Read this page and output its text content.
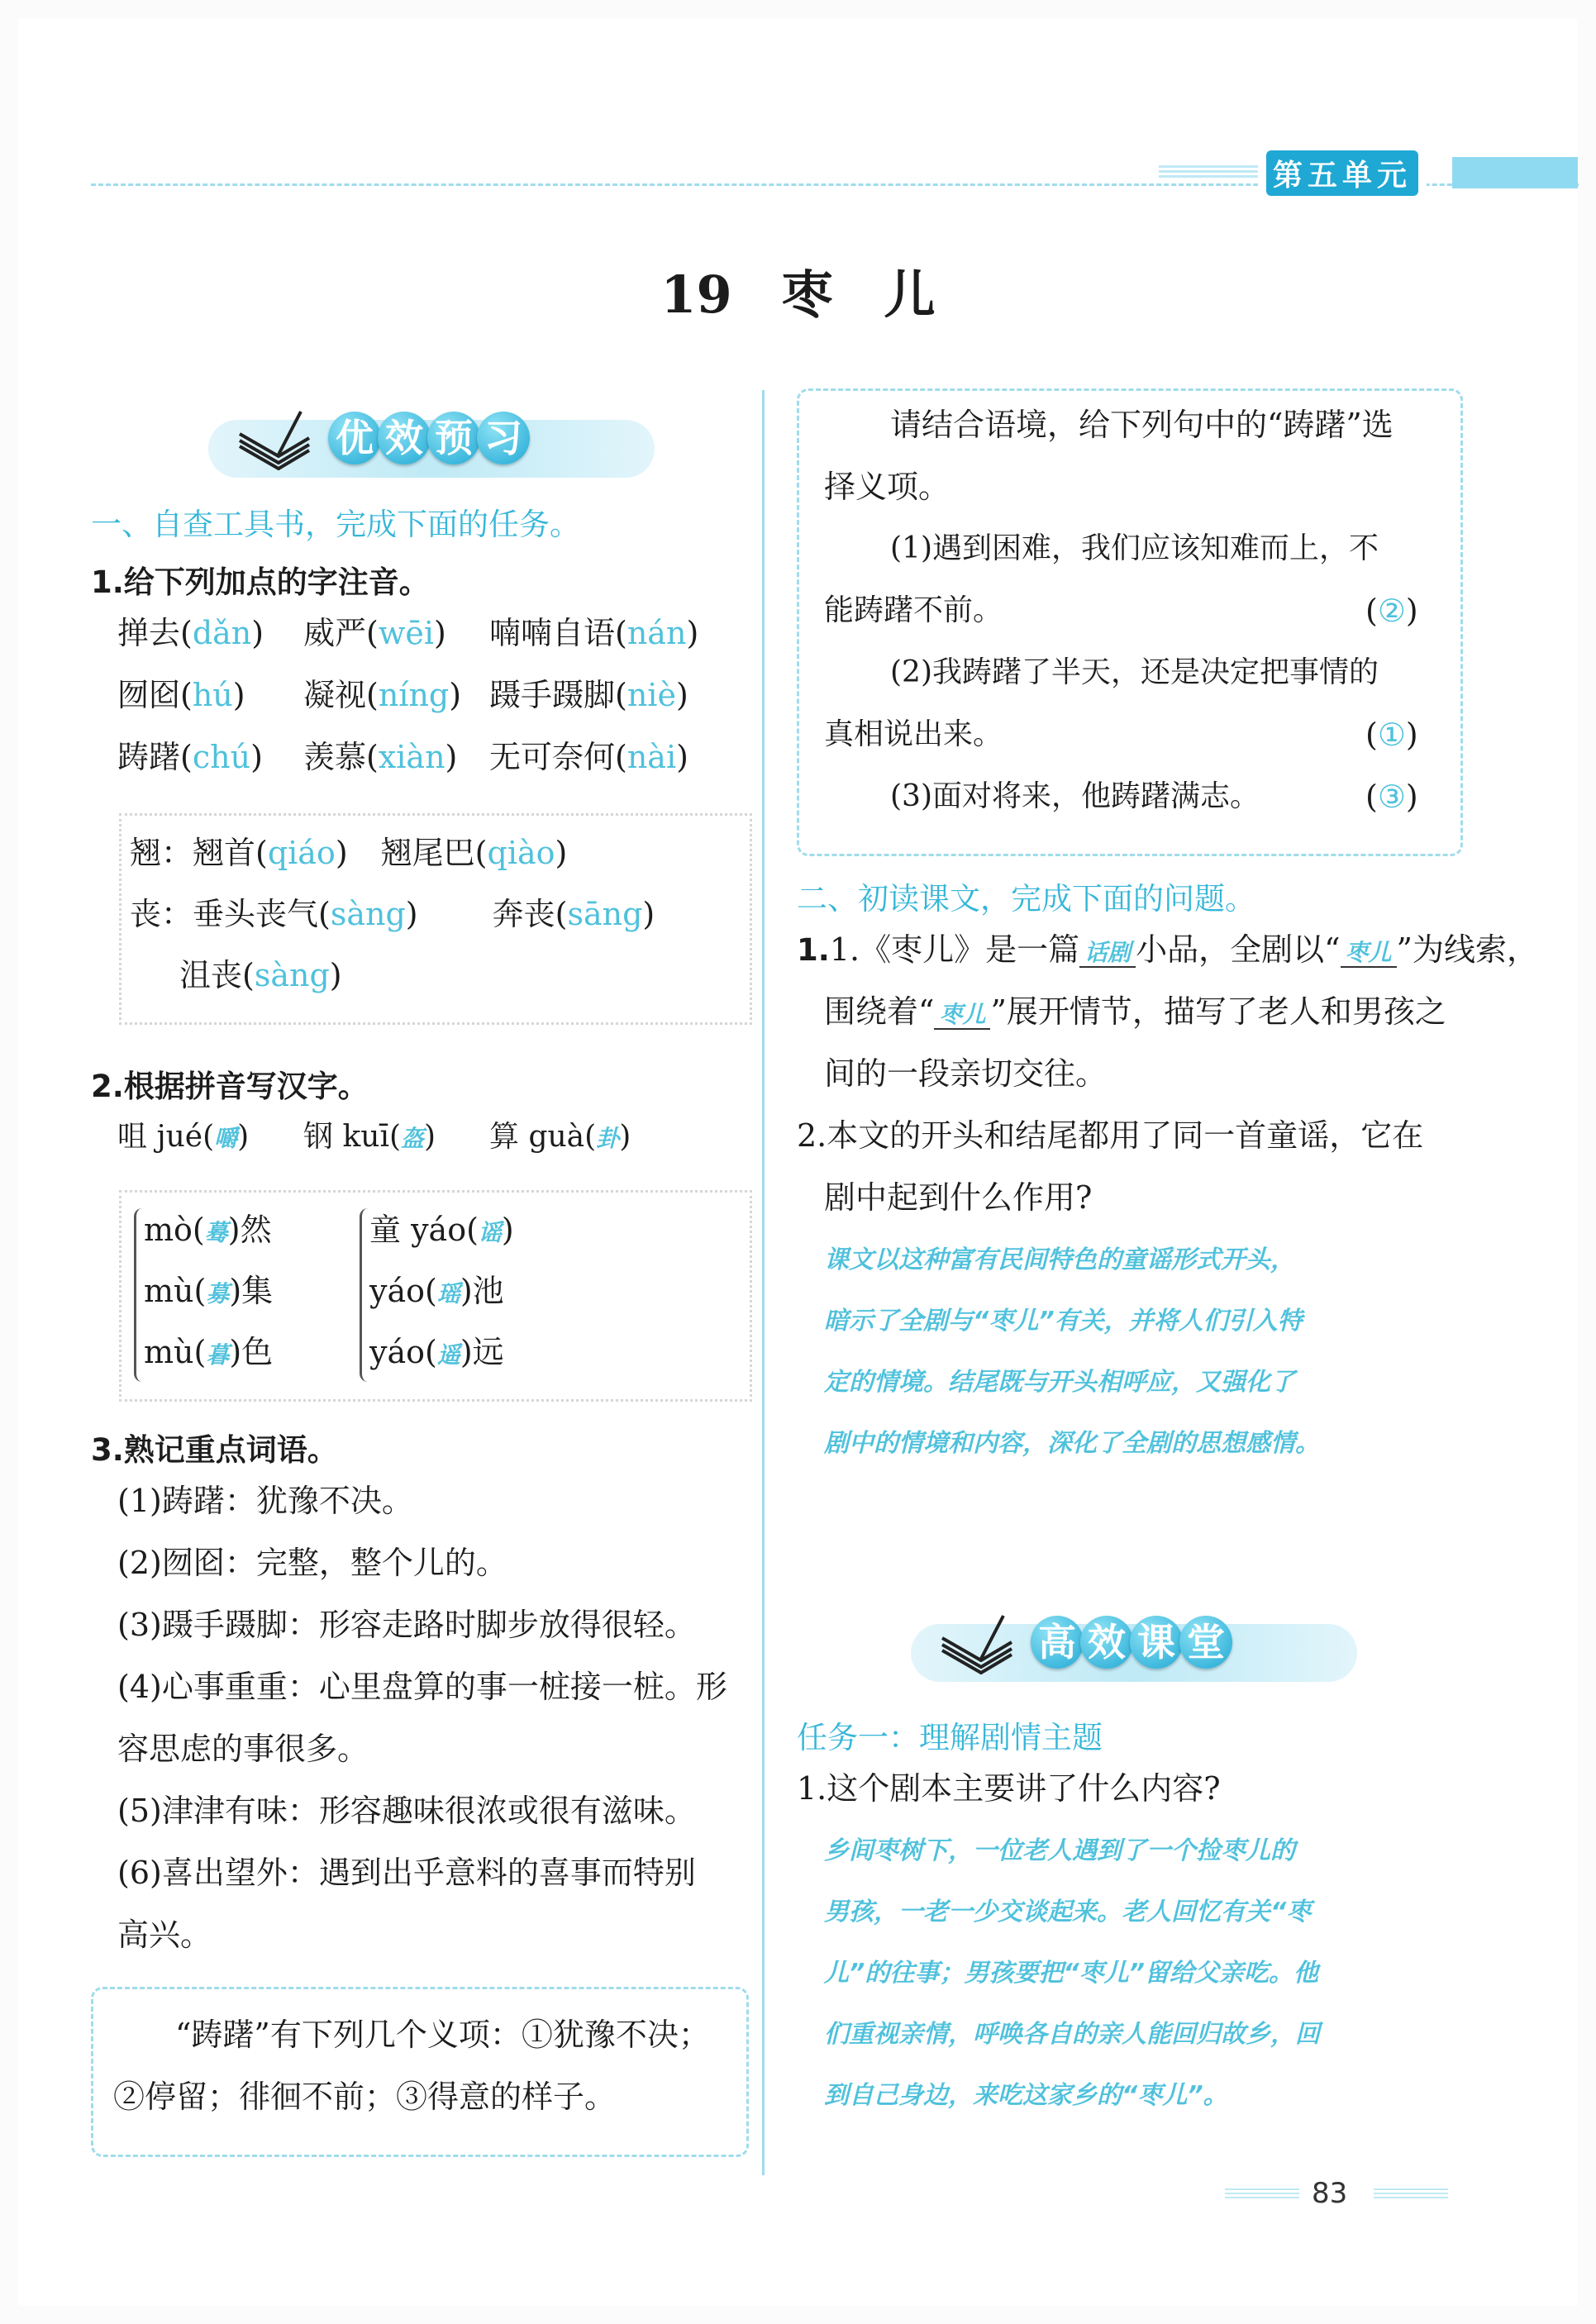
第五单元
19 枣　儿
优 效 预 习
一、自查工具书，完成下面的任务。
1.给下列加点的字注音。
掸去(dǎn) 威严(wēi) 喃喃自语(nán)
囫囵(hú) 凝视(níng) 蹑手蹑脚(niè)
踌躇(chú) 羡慕(xiàn) 无可奈何(nài)
翘：翘首(qiáo) 翘尾巴(qiào)
丧：垂头丧气(sàng) 奔丧(sāng)
沮丧(sàng)
2.根据拼音写汉字。
咀 jué(嚼) 钢 kuī(盔) 算 guà(卦)
mò(蓦)然
mù(募)集
mù(暮)色
童 yáo(谣)
yáo(瑶)池
yáo(遥)远
3.熟记重点词语。
(1)踌躇：犹豫不决。
(2)囫囵：完整，整个儿的。
(3)蹑手蹑脚：形容走路时脚步放得很轻。
(4)心事重重：心里盘算的事一桩接一桩。形
容思虑的事很多。
(5)津津有味：形容趣味很浓或很有滋味。
(6)喜出望外：遇到出乎意料的喜事而特别
高兴。
“踌躇”有下列几个义项：①犹豫不决；
②停留；徘徊不前；③得意的样子。
请结合语境，给下列句中的“踌躇”选
择义项。
(1)遇到困难，我们应该知难而上，不
能踌躇不前。	(②)
(2)我踌躇了半天，还是决定把事情的
真相说出来。	(①)
(3)面对将来，他踌躇满志。	(③)
二、初读课文，完成下面的问题。
1.1.《枣儿》是一篇 话剧 小品，全剧以“ 枣儿 ”为线索，
围绕着“ 枣儿 ”展开情节，描写了老人和男孩之
间的一段亲切交往。
2.本文的开头和结尾都用了同一首童谣，它在
剧中起到什么作用?
课文以这种富有民间特色的童谣形式开头，
暗示了全剧与“枣儿”有关，并将人们引入特
定的情境。结尾既与开头相呼应，又强化了
剧中的情境和内容，深化了全剧的思想感情。
高 效 课 堂
任务一：理解剧情主题
1.这个剧本主要讲了什么内容?
乡间枣树下，一位老人遇到了一个捡枣儿的
男孩，一老一少交谈起来。老人回忆有关“枣
儿”的往事；男孩要把“枣儿”留给父亲吃。他
们重视亲情，呼唤各自的亲人能回归故乡，回
到自己身边，来吃这家乡的“枣儿”。
83
